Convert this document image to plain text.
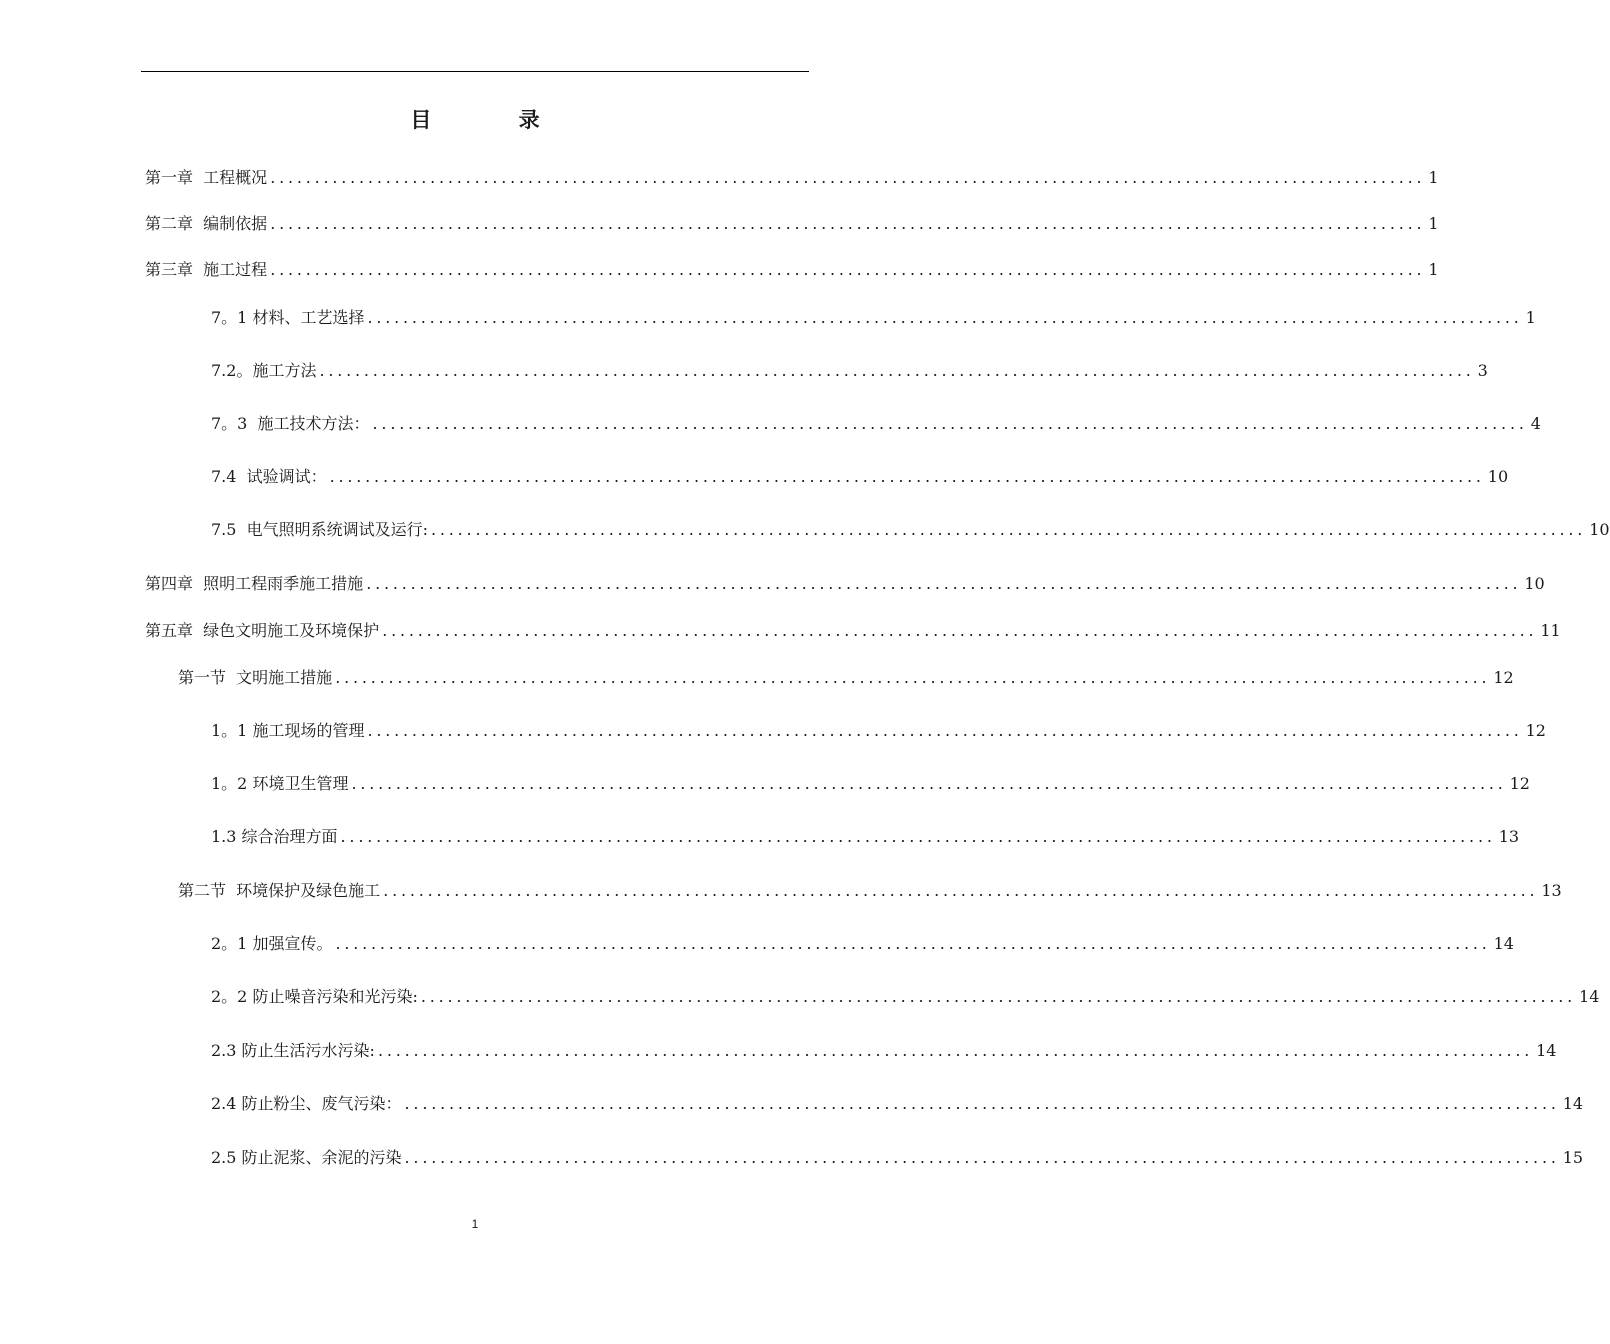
目 录
第一章  工程概况 .................................................................................................................................. 1
第二章  编制依据 .................................................................................................................................. 1
第三章  施工过程 .................................................................................................................................. 1
7。1 材料、工艺选择 .................................................................................................................................. 1
7.2。施工方法 .................................................................................................................................. 3
7。3  施工技术方法： .................................................................................................................................. 4
7.4  试验调试： .................................................................................................................................. 10
7.5  电气照明系统调试及运行: .................................................................................................................................. 10
第四章  照明工程雨季施工措施 .................................................................................................................................. 10
第五章  绿色文明施工及环境保护 .................................................................................................................................. 11
第一节  文明施工措施 .................................................................................................................................. 12
1。1 施工现场的管理 .................................................................................................................................. 12
1。2 环境卫生管理 .................................................................................................................................. 12
1.3 综合治理方面 .................................................................................................................................. 13
第二节  环境保护及绿色施工 .................................................................................................................................. 13
2。1 加强宣传。 .................................................................................................................................. 14
2。2 防止噪音污染和光污染: .................................................................................................................................. 14
2.3 防止生活污水污染: .................................................................................................................................. 14
2.4 防止粉尘、废气污染： .................................................................................................................................. 14
2.5 防止泥浆、余泥的污染 .................................................................................................................................. 15
1
